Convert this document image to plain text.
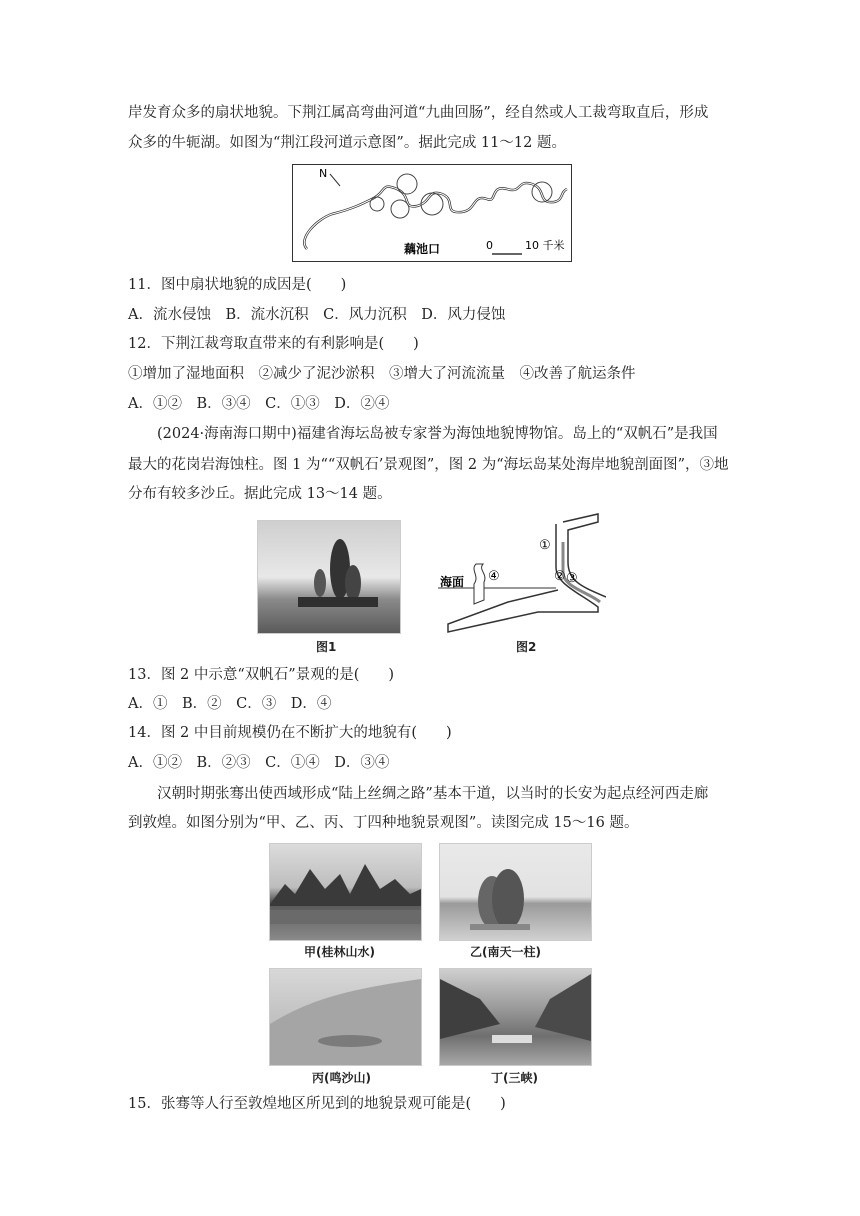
岸发育众多的扇状地貌。下荆江属高弯曲河道“九曲回肠”，经自然或人工裁弯取直后，形成
众多的牛轭湖。如图为“荆江段河道示意图”。据此完成 11～12 题。
N
藕池口	0	10 千米
11．图中扇状地貌的成因是(　　)
A．流水侵蚀　B．流水沉积　C．风力沉积　D．风力侵蚀
12．下荆江裁弯取直带来的有利影响是(　　)
①增加了湿地面积　②减少了泥沙淤积　③增大了河流流量　④改善了航运条件
A．①②　B．③④　C．①③　D．②④
(2024·海南海口期中)福建省海坛岛被专家誉为海蚀地貌博物馆。岛上的“双帆石”是我国
最大的花岗岩海蚀柱。图 1 为““双帆石’景观图”，图 2 为“海坛岛某处海岸地貌剖面图”，③地
分布有较多沙丘。据此完成 13～14 题。
图1
①
② ③
④
海面
图2
13．图 2 中示意“双帆石”景观的是(　　)
A．①　B．②　C．③　D．④
14．图 2 中目前规模仍在不断扩大的地貌有(　　)
A．①②　B．②③　C．①④　D．③④
汉朝时期张骞出使西域形成“陆上丝绸之路”基本干道，以当时的长安为起点经河西走廊
到敦煌。如图分别为“甲、乙、丙、丁四种地貌景观图”。读图完成 15～16 题。
甲(桂林山水)	乙(南天一柱)
丙(鸣沙山)	丁(三峡)
15．张骞等人行至敦煌地区所见到的地貌景观可能是(　　)
